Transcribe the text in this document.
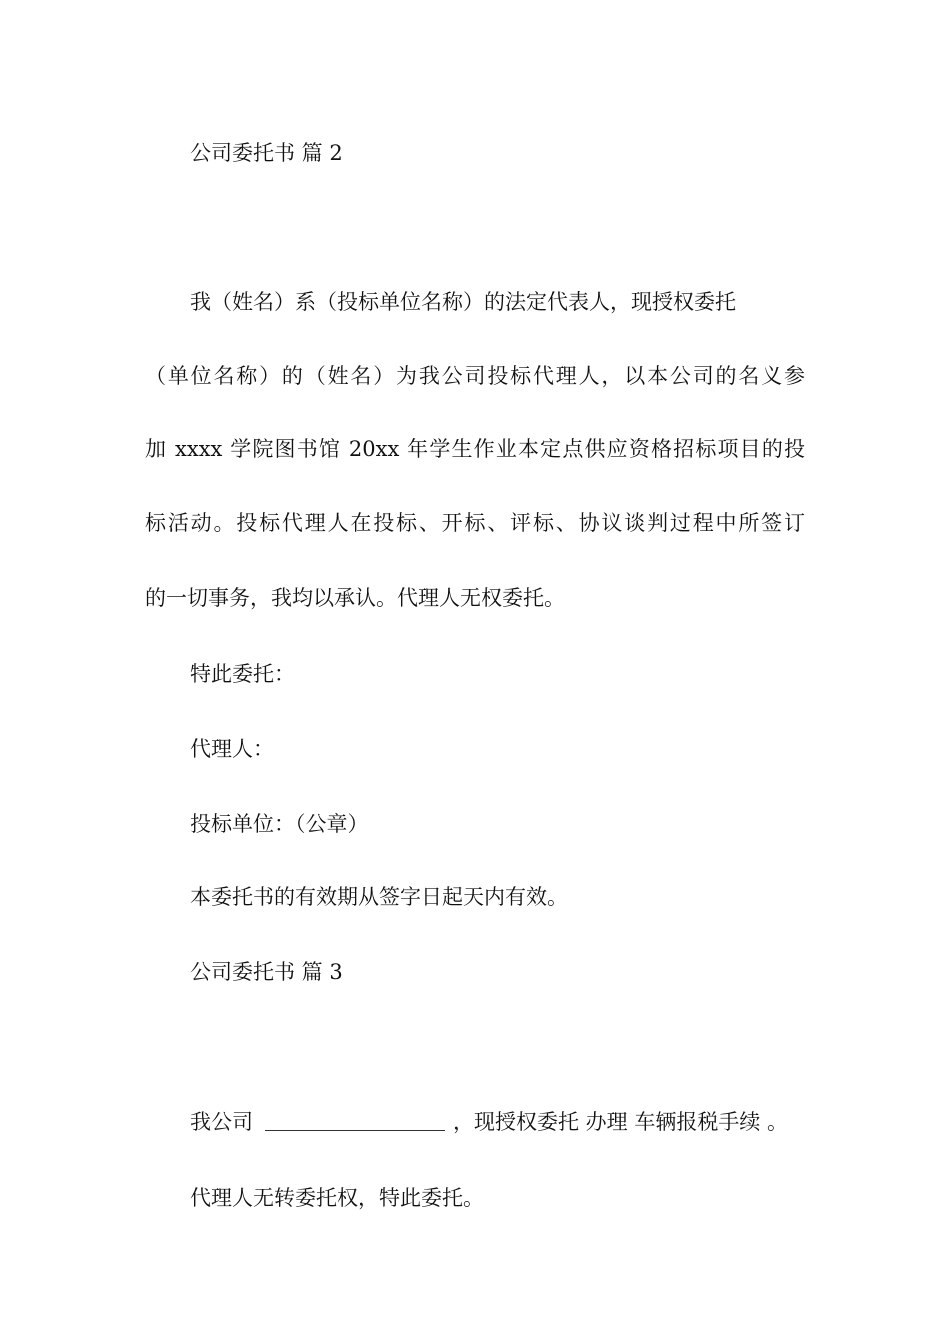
公司委托书 篇 2

我（姓名）系（投标单位名称）的法定代表人，现授权委托

（单位名称）的（姓名）为我公司投标代理人，以本公司的名义参

加 xxxx 学院图书馆 20xx 年学生作业本定点供应资格招标项目的投

标活动。投标代理人在投标、开标、评标、协议谈判过程中所签订

的一切事务，我均以承认。代理人无权委托。

特此委托：

代理人：

投标单位：（公章）

本委托书的有效期从签字日起天内有效。

公司委托书 篇 3

我公司	，现授权委托 办理 车辆报税手续 。

代理人无转委托权，特此委托。
